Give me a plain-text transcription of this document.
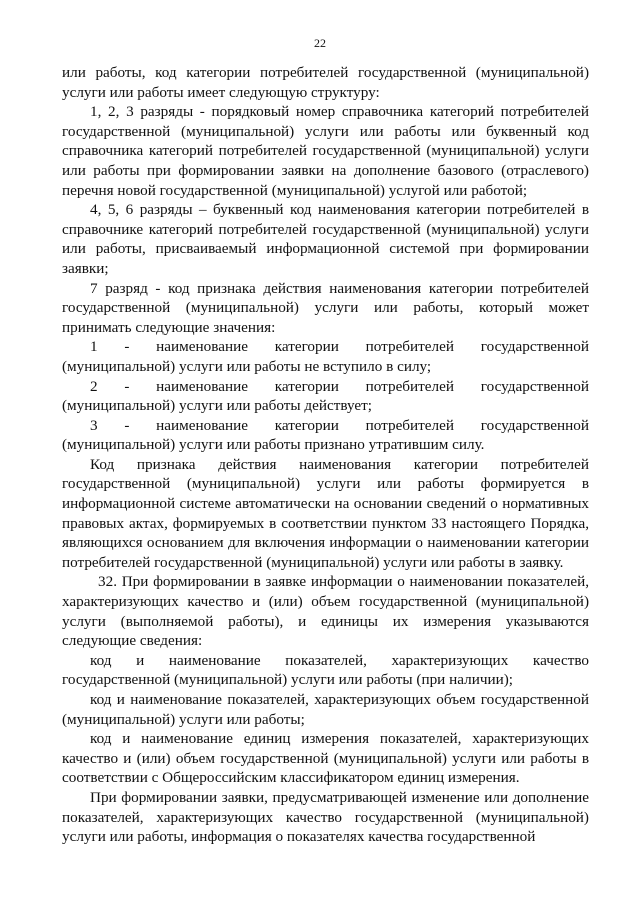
22

или работы, код категории потребителей государственной (муниципальной) услуги или работы имеет следующую структуру:

1, 2, 3 разряды - порядковый номер справочника категорий потребителей государственной (муниципальной) услуги или работы или буквенный код справочника категорий потребителей государственной (муниципальной) услуги или работы при формировании заявки на дополнение базового (отраслевого) перечня новой государственной (муниципальной) услугой или работой;

4, 5, 6 разряды – буквенный код наименования категории потребителей в справочнике категорий потребителей государственной (муниципальной) услуги или работы, присваиваемый информационной системой при формировании заявки;

7 разряд - код признака действия наименования категории потребителей государственной (муниципальной) услуги или работы, который может принимать следующие значения:

1 - наименование категории потребителей государственной (муниципальной) услуги или работы не вступило в силу;

2 - наименование категории потребителей государственной (муниципальной) услуги или работы действует;

3 - наименование категории потребителей государственной (муниципальной) услуги или работы признано утратившим силу.

Код признака действия наименования категории потребителей государственной (муниципальной) услуги или работы формируется в информационной системе автоматически на основании сведений о нормативных правовых актах, формируемых в соответствии пунктом 33 настоящего Порядка, являющихся основанием для включения информации о наименовании категории потребителей государственной (муниципальной) услуги или работы в заявку.

32. При формировании в заявке информации о наименовании показателей, характеризующих качество и (или) объем государственной (муниципальной) услуги (выполняемой работы), и единицы их измерения указываются следующие сведения:

код и наименование показателей, характеризующих качество государственной (муниципальной) услуги или работы (при наличии);

код и наименование показателей, характеризующих объем государственной (муниципальной) услуги или работы;

код и наименование единиц измерения показателей, характеризующих качество и (или) объем государственной (муниципальной) услуги или работы в соответствии с Общероссийским классификатором единиц измерения.

При формировании заявки, предусматривающей изменение или дополнение показателей, характеризующих качество государственной (муниципальной) услуги или работы, информация о показателях качества государственной
